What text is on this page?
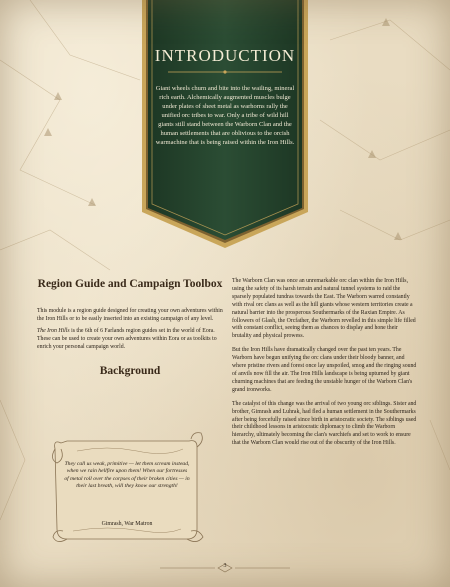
INTRODUCTION

Giant wheels churn and bite into the wailing, mineral rich earth. Alchemically augmented muscles bulge under plates of sheet metal as warhorns rally the unified orc tribes to war. Only a tribe of wild hill giants still stand between the Warborn Clan and the human settlements that are oblivious to the orcish warmachine that is being raised within the Iron Hills.

Region Guide and Campaign Toolbox

This module is a region guide designed for creating your own adventures within the Iron Hills or to be easily inserted into an existing campaign of any level.

The Iron Hills is the 6th of 6 Farlands region guides set in the world of Eora. These can be used to create your own adventures within Eora or as toolkits to enrich your personal campaign world.

Background

They call us weak, primitive — let them scream instead, when we rain hellfire upon them! When our fortresses of metal roll over the corpses of their broken cities — in their last breath, will they know our strength!

Gimrash, War Matron

The Warborn Clan was once an unremarkable orc clan within the Iron Hills, using the safety of its harsh terrain and natural tunnel systems to raid the sparsely populated tundras towards the East. The Warborn warred constantly with rival orc clans as well as the hill giants whose western territories create a natural barrier into the prosperous Southermarks of the Raxian Empire. As followers of Glash, the Orcfather, the Warborn revelled in this simple life filled with constant conflict, seeing them as chances to display and hone their brutality and physical prowess.

But the Iron Hills have dramatically changed over the past ten years. The Warborn have begun unifying the orc clans under their bloody banner, and where pristine rivers and forest once lay unspoiled, smog and the ringing sound of anvils now fill the air. The Iron Hills landscape is being upturned by giant churning machines that are feeding the unstable hunger of the Warborn Clan's grand ironworks.

The catalyst of this change was the arrival of two young orc siblings. Sister and brother, Gimrash and Luhrak, had fled a human settlement in the Southermarks after being forcefully raised since birth in aristocratic society. The siblings used their childhood lessons in aristocratic diplomacy to climb the Warborn hierarchy, ultimately becoming the clan's warchiefs and set to work to ensure that the Warborn Clan would rise out of the obscurity of the Iron Hills.

3
